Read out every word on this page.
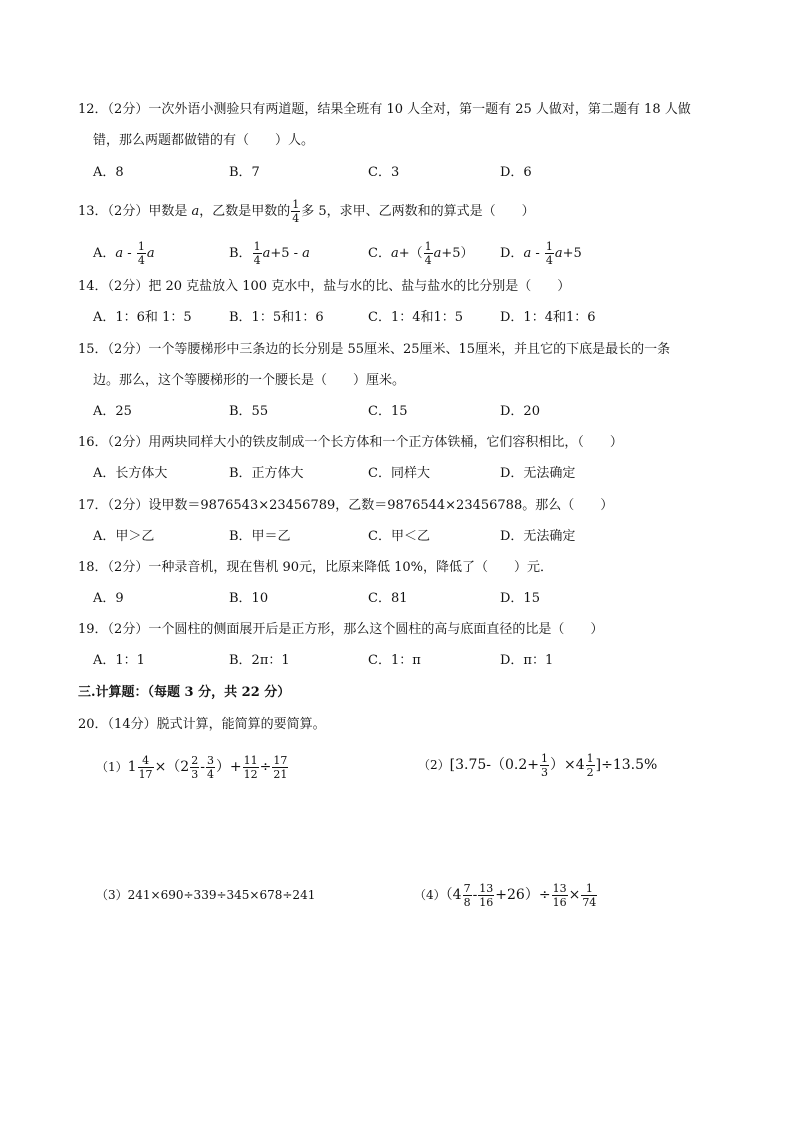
12．（2分）一次外语小测验只有两道题，结果全班有 10 人全对，第一题有 25 人做对，第二题有 18 人做
错，那么两题都做错的有（　　）人。
A．8	B．7	C．3	D．6
13．（2分）甲数是 a，乙数是甲数的 $\frac{1}{4}$ 多 5，求甲、乙两数和的算式是（　　）
A．a - $\frac{1}{4}$ a	B． $\frac{1}{4} a+5 - a$	C．$a+( \frac{1}{4} a+5)$ D．$a - \frac{1}{4} a+5$
14．（2分）把 20 克盐放入 100 克水中，盐与水的比、盐与盐水的比分别是（　　）
A．1：6和 1：5	B．1：5和1：6	C．1：4和1：5	D．1：4和1：6
15．（2分）一个等腰梯形中三条边的长分别是 55厘米、25厘米、15厘米，并且它的下底是最长的一条
边。那么，这个等腰梯形的一个腰长是（　　）厘米。
A．25	B．55	C．15	D．20
16．（2分）用两块同样大小的铁皮制成一个长方体和一个正方体铁桶，它们容积相比，（　　）
A．长方体大	B．正方体大	C．同样大	D．无法确定
17．（2分）设甲数＝9876543×23456789，乙数＝9876544×23456788。那么（　　）
A．甲＞乙	B．甲＝乙	C．甲＜乙	D．无法确定
18．（2分）一种录音机，现在售机 90元，比原来降低 10%，降低了（　　）元．
A．9	B．10	C．81	D．15
19．（2分）一个圆柱的侧面展开后是正方形，那么这个圆柱的高与底面直径的比是（　　）
A．1：1	B．2π：1	C．1：π	D．π：1
三.计算题：（每题 3 分，共 22 分）
20．（14分）脱式计算，能简算的要简算。
$(1)1 \frac{4}{17} \times(2 \frac{2}{3} - \frac{3}{4}$ ）+ $\frac{11}{12} \div \frac{17}{21}$	$(2)[3.75-(0.2+ \frac{1}{3} )\times 4 \frac{1}{2} ]\div 13.5\%$
（3）241×690÷339÷345×678÷241	$(4)(4 \frac{7}{8} - \frac{13}{16} +26)\div \frac{13}{16} \times \frac{1}{74}$
